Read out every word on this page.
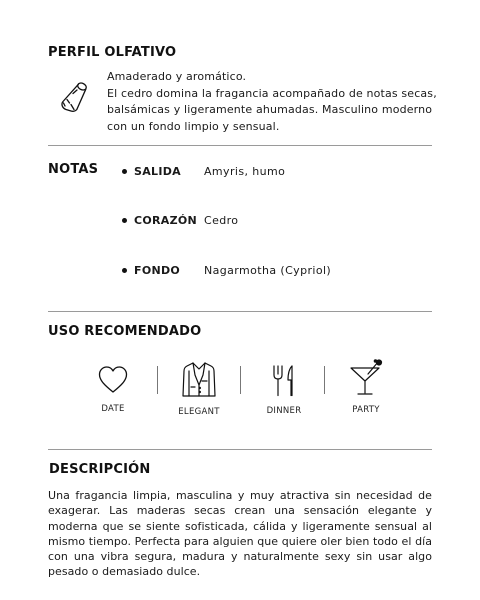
PERFIL OLFATIVO

Amaderado y aromático.

El cedro domina la fragancia acompañado de notas secas, balsámicas y ligeramente ahumadas. Masculino moderno con un fondo limpio y sensual.

NOTAS	SALIDA Amyris, humo
CORAZÓN Cedro
FONDO Nagarmotha (Cypriol)
USO RECOMENDADO
DATE	ELEGANT	DINNER	PARTY
DESCRIPCIÓN
Una fragancia limpia, masculina y muy atractiva sin necesidad de exagerar. Las maderas secas crean una sensación elegante y moderna que se siente sofisticada, cálida y ligeramente sensual al mismo tiempo. Perfecta para alguien que quiere oler bien todo el día con una vibra segura, madura y naturalmente sexy sin usar algo pesado o demasiado dulce.
